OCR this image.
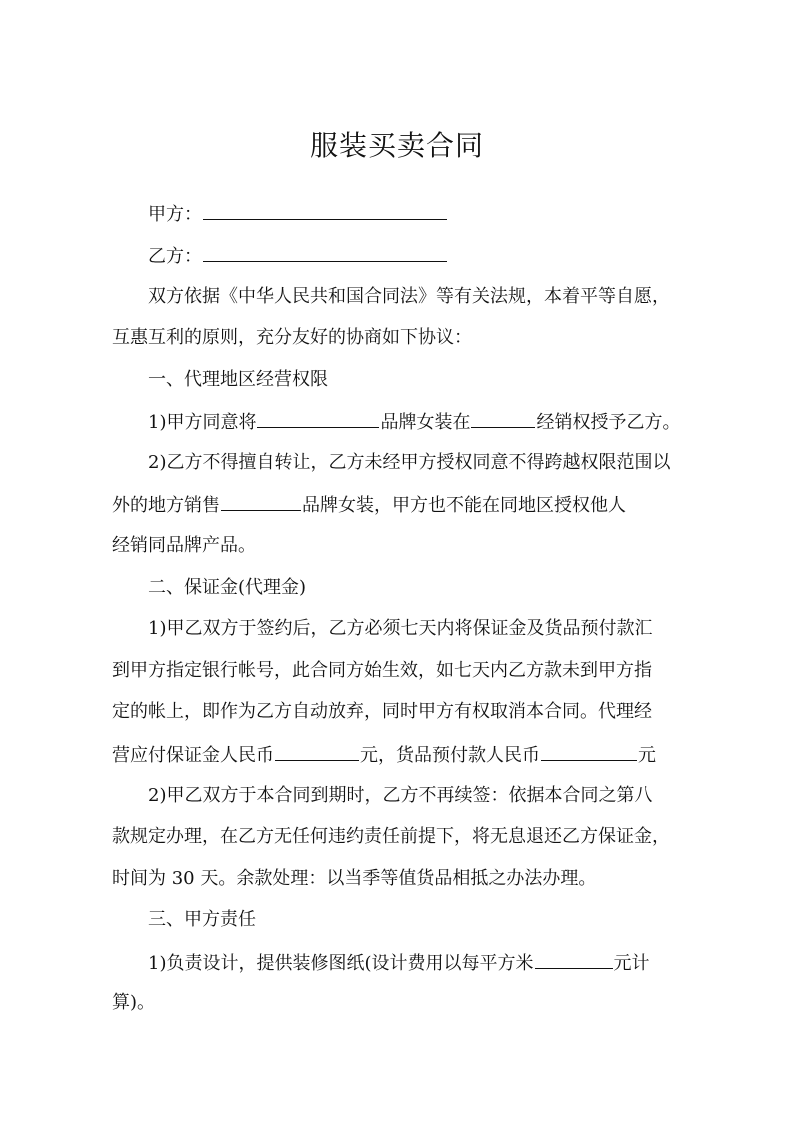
服装买卖合同
甲方：
乙方：
双方依据《中华人民共和国合同法》等有关法规，本着平等自愿，
互惠互利的原则，充分友好的协商如下协议：
一、代理地区经营权限
1)甲方同意将	品牌女装在	经销权授予乙方。
2)乙方不得擅自转让，乙方未经甲方授权同意不得跨越权限范围以
外的地方销售	品牌女装，甲方也不能在同地区授权他人
经销同品牌产品。
二、保证金(代理金)
1)甲乙双方于签约后，乙方必须七天内将保证金及货品预付款汇
到甲方指定银行帐号，此合同方始生效，如七天内乙方款未到甲方指
定的帐上，即作为乙方自动放弃，同时甲方有权取消本合同。代理经
营应付保证金人民币	元，货品预付款人民币	元
2)甲乙双方于本合同到期时，乙方不再续签：依据本合同之第八
款规定办理，在乙方无任何违约责任前提下，将无息退还乙方保证金，
时间为 30 天。余款处理：以当季等值货品相抵之办法办理。
三、甲方责任
1)负责设计，提供装修图纸(设计费用以每平方米	元计
算)。
